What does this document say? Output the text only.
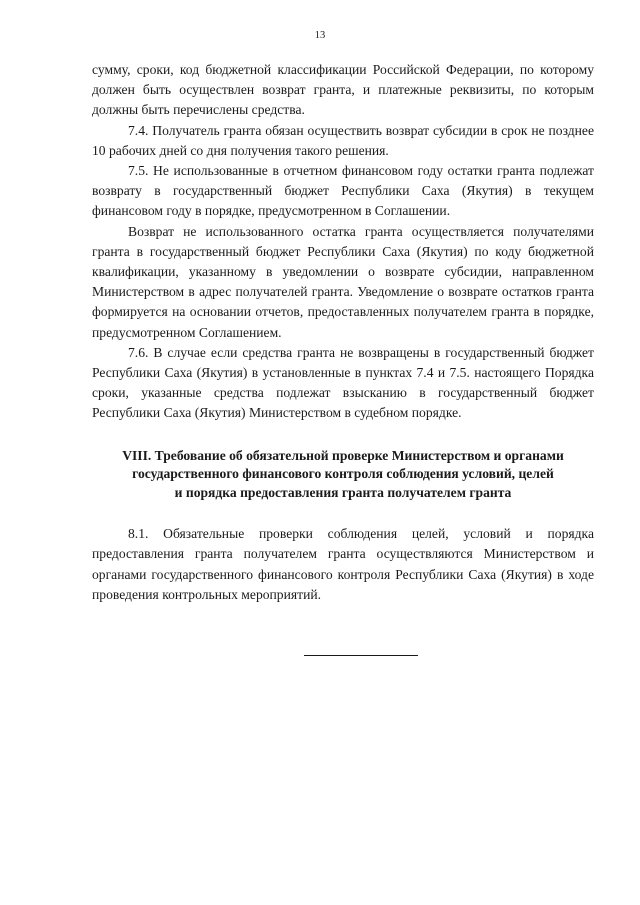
13

сумму, сроки, код бюджетной классификации Российской Федерации, по которому должен быть осуществлен возврат гранта, и платежные реквизиты, по которым должны быть перечислены средства.

7.4. Получатель гранта обязан осуществить возврат субсидии в срок не позднее 10 рабочих дней со дня получения такого решения.

7.5. Не использованные в отчетном финансовом году остатки гранта подлежат возврату в государственный бюджет Республики Саха (Якутия) в текущем финансовом году в порядке, предусмотренном в Соглашении.

Возврат не использованного остатка гранта осуществляется получателями гранта в государственный бюджет Республики Саха (Якутия) по коду бюджетной квалификации, указанному в уведомлении о возврате субсидии, направленном Министерством в адрес получателей гранта. Уведомление о возврате остатков гранта формируется на основании отчетов, предоставленных получателем гранта в порядке, предусмотренном Соглашением.

7.6. В случае если средства гранта не возвращены в государственный бюджет Республики Саха (Якутия) в установленные в пунктах 7.4 и 7.5. настоящего Порядка сроки, указанные средства подлежат взысканию в государственный бюджет Республики Саха (Якутия) Министерством в судебном порядке.

VIII. Требование об обязательной проверке Министерством и органами
государственного финансового контроля соблюдения условий, целей
и порядка предоставления гранта получателем гранта

8.1. Обязательные проверки соблюдения целей, условий и порядка предоставления гранта получателем гранта осуществляются Министерством и органами государственного финансового контроля Республики Саха (Якутия) в ходе проведения контрольных мероприятий.
